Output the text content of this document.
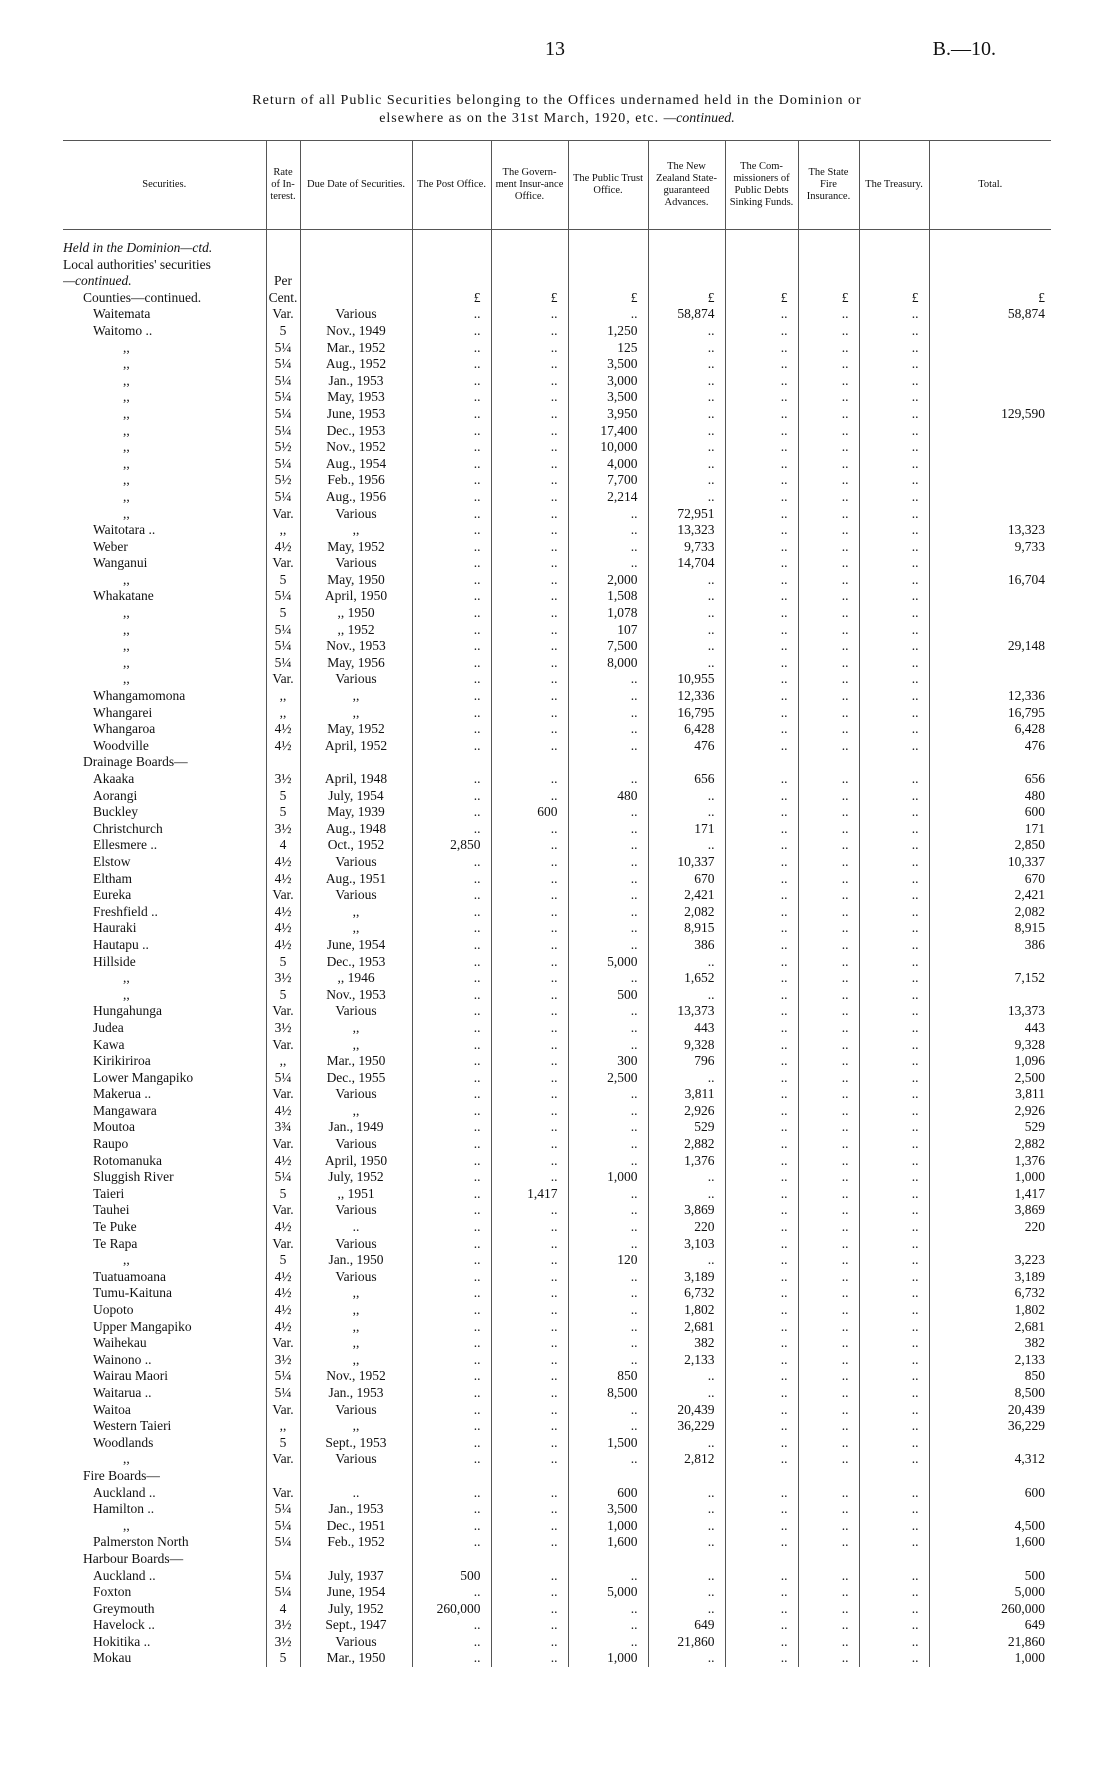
13	B.—10.
Return of all Public Securities belonging to the Offices undernamed held in the Dominion or
elsewhere as on the 31st March, 1920, etc. —continued.
Securities.	Rate of In-terest.	Due Date of Securities.	The Post Office.	The Govern-ment Insur-ance Office.	The Public Trust Office.	The New Zealand State-guaranteed Advances.	The Com-missioners of Public Debts Sinking Funds.	The State Fire Insurance.	The Treasury.	Total.

Held in the Dominion—ctd.										
Local authorities' securities										
—continued.	Per									
Counties—continued.	Cent.		£	£	£	£	£	£	£	£
Waitemata	Var.	Various	..	..	..	58,874	..	..	..	58,874
Waitomo ..	5	Nov., 1949	..	..	1,250	..	..	..	..	
,,	5¼	Mar., 1952	..	..	125	..	..	..	..	
,,	5¼	Aug., 1952	..	..	3,500	..	..	..	..	
,,	5¼	Jan., 1953	..	..	3,000	..	..	..	..	
,,	5¼	May, 1953	..	..	3,500	..	..	..	..	
,,	5¼	June, 1953	..	..	3,950	..	..	..	..	129,590
,,	5¼	Dec., 1953	..	..	17,400	..	..	..	..	
,,	5½	Nov., 1952	..	..	10,000	..	..	..	..	
,,	5¼	Aug., 1954	..	..	4,000	..	..	..	..	
,,	5½	Feb., 1956	..	..	7,700	..	..	..	..	
,,	5¼	Aug., 1956	..	..	2,214	..	..	..	..	
,,	Var.	Various	..	..	..	72,951	..	..	..	
Waitotara ..	,,	,,	..	..	..	13,323	..	..	..	13,323
Weber	4½	May, 1952	..	..	..	9,733	..	..	..	9,733
Wanganui	Var.	Various	..	..	..	14,704	..	..	..	
,,	5	May, 1950	..	..	2,000	..	..	..	..	16,704
Whakatane	5¼	April, 1950	..	..	1,508	..	..	..	..	
,,	5	,, 1950	..	..	1,078	..	..	..	..	
,,	5¼	,, 1952	..	..	107	..	..	..	..	
,,	5¼	Nov., 1953	..	..	7,500	..	..	..	..	29,148
,,	5¼	May, 1956	..	..	8,000	..	..	..	..	
,,	Var.	Various	..	..	..	10,955	..	..	..	
Whangamomona	,,	,,	..	..	..	12,336	..	..	..	12,336
Whangarei	,,	,,	..	..	..	16,795	..	..	..	16,795
Whangaroa	4½	May, 1952	..	..	..	6,428	..	..	..	6,428
Woodville	4½	April, 1952	..	..	..	476	..	..	..	476
Drainage Boards—										
Akaaka	3½	April, 1948	..	..	..	656	..	..	..	656
Aorangi	5	July, 1954	..	..	480	..	..	..	..	480
Buckley	5	May, 1939	..	600	..	..	..	..	..	600
Christchurch	3½	Aug., 1948	..	..	..	171	..	..	..	171
Ellesmere ..	4	Oct., 1952	2,850	..	..	..	..	..	..	2,850
Elstow	4½	Various	..	..	..	10,337	..	..	..	10,337
Eltham	4½	Aug., 1951	..	..	..	670	..	..	..	670
Eureka	Var.	Various	..	..	..	2,421	..	..	..	2,421
Freshfield ..	4½	,,	..	..	..	2,082	..	..	..	2,082
Hauraki	4½	,,	..	..	..	8,915	..	..	..	8,915
Hautapu ..	4½	June, 1954	..	..	..	386	..	..	..	386
Hillside	5	Dec., 1953	..	..	5,000	..	..	..	..	
,,	3½	,, 1946	..	..	..	1,652	..	..	..	7,152
,,	5	Nov., 1953	..	..	500	..	..	..	..	
Hungahunga	Var.	Various	..	..	..	13,373	..	..	..	13,373
Judea	3½	,,	..	..	..	443	..	..	..	443
Kawa	Var.	,,	..	..	..	9,328	..	..	..	9,328
Kirikiriroa	,,	Mar., 1950	..	..	300	796	..	..	..	1,096
Lower Mangapiko	5¼	Dec., 1955	..	..	2,500	..	..	..	..	2,500
Makerua ..	Var.	Various	..	..	..	3,811	..	..	..	3,811
Mangawara	4½	,,	..	..	..	2,926	..	..	..	2,926
Moutoa	3¾	Jan., 1949	..	..	..	529	..	..	..	529
Raupo	Var.	Various	..	..	..	2,882	..	..	..	2,882
Rotomanuka	4½	April, 1950	..	..	..	1,376	..	..	..	1,376
Sluggish River	5¼	July, 1952	..	..	1,000	..	..	..	..	1,000
Taieri	5	,, 1951	..	1,417	..	..	..	..	..	1,417
Tauhei	Var.	Various	..	..	..	3,869	..	..	..	3,869
Te Puke	4½	..	..	..	..	220	..	..	..	220
Te Rapa	Var.	Various	..	..	..	3,103	..	..	..	
,,	5	Jan., 1950	..	..	120	..	..	..	..	3,223
Tuatuamoana	4½	Various	..	..	..	3,189	..	..	..	3,189
Tumu-Kaituna	4½	,,	..	..	..	6,732	..	..	..	6,732
Uopoto	4½	,,	..	..	..	1,802	..	..	..	1,802
Upper Mangapiko	4½	,,	..	..	..	2,681	..	..	..	2,681
Waihekau	Var.	,,	..	..	..	382	..	..	..	382
Wainono ..	3½	,,	..	..	..	2,133	..	..	..	2,133
Wairau Maori	5¼	Nov., 1952	..	..	850	..	..	..	..	850
Waitarua ..	5¼	Jan., 1953	..	..	8,500	..	..	..	..	8,500
Waitoa	Var.	Various	..	..	..	20,439	..	..	..	20,439
Western Taieri	,,	,,	..	..	..	36,229	..	..	..	36,229
Woodlands	5	Sept., 1953	..	..	1,500	..	..	..	..	
,,	Var.	Various	..	..	..	2,812	..	..	..	4,312
Fire Boards—										
Auckland ..	Var.	..	..	..	600	..	..	..	..	600
Hamilton ..	5¼	Jan., 1953	..	..	3,500	..	..	..	..	
,,	5¼	Dec., 1951	..	..	1,000	..	..	..	..	4,500
Palmerston North	5¼	Feb., 1952	..	..	1,600	..	..	..	..	1,600
Harbour Boards—										
Auckland ..	5¼	July, 1937	500	..	..	..	..	..	..	500
Foxton	5¼	June, 1954	..	..	5,000	..	..	..	..	5,000
Greymouth	4	July, 1952	260,000	..	..	..	..	..	..	260,000
Havelock ..	3½	Sept., 1947	..	..	..	649	..	..	..	649
Hokitika ..	3½	Various	..	..	..	21,860	..	..	..	21,860
Mokau	5	Mar., 1950	..	..	1,000	..	..	..	..	1,000
